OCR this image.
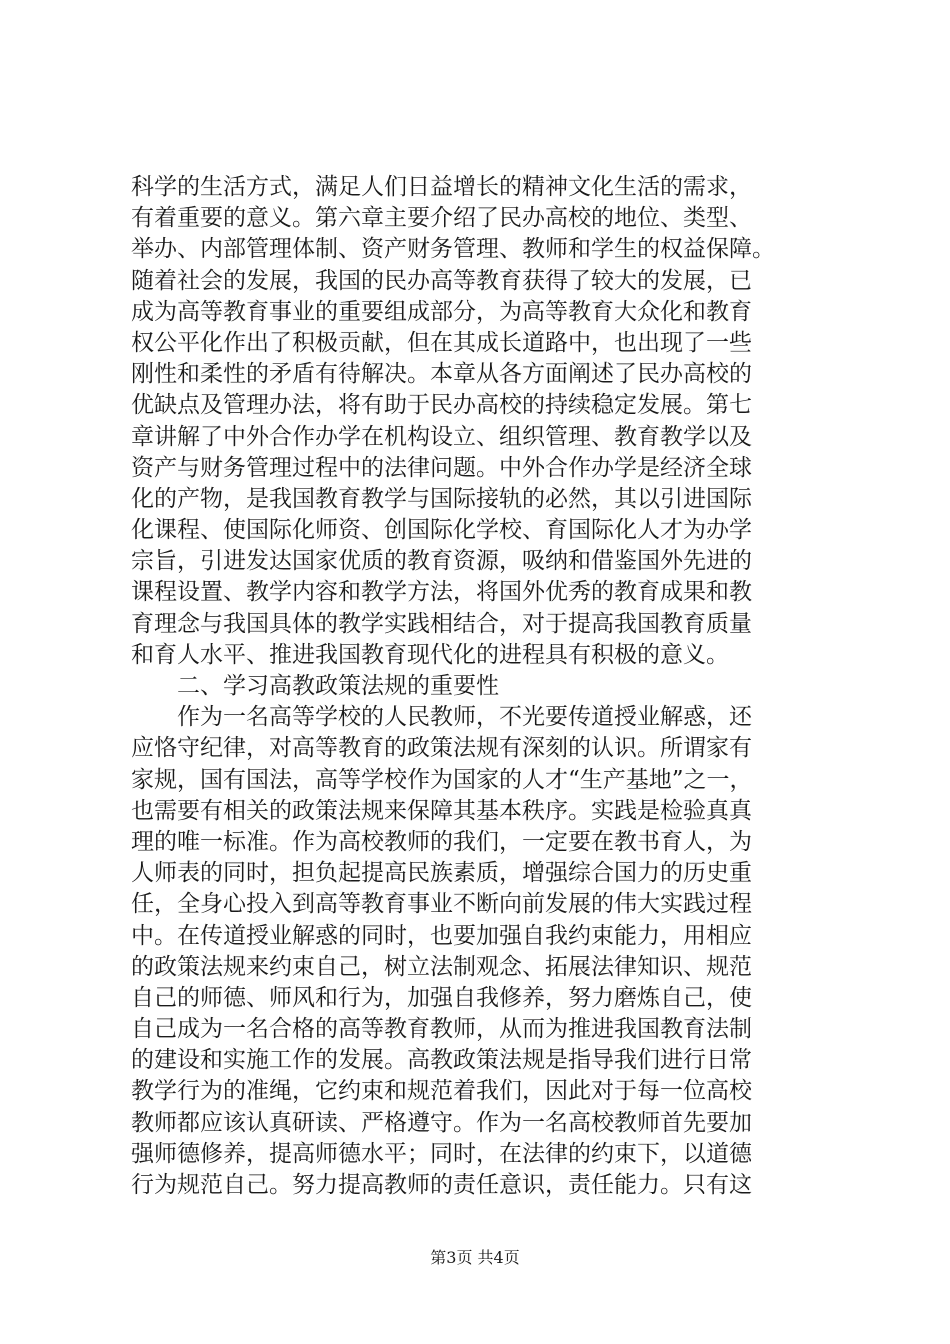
科学的生活方式，满足人们日益增长的精神文化生活的需求，
有着重要的意义。第六章主要介绍了民办高校的地位、类型、
举办、内部管理体制、资产财务管理、教师和学生的权益保障。
随着社会的发展，我国的民办高等教育获得了较大的发展，已
成为高等教育事业的重要组成部分，为高等教育大众化和教育
权公平化作出了积极贡献，但在其成长道路中，也出现了一些
刚性和柔性的矛盾有待解决。本章从各方面阐述了民办高校的
优缺点及管理办法，将有助于民办高校的持续稳定发展。第七
章讲解了中外合作办学在机构设立、组织管理、教育教学以及
资产与财务管理过程中的法律问题。中外合作办学是经济全球
化的产物，是我国教育教学与国际接轨的必然，其以引进国际
化课程、使国际化师资、创国际化学校、育国际化人才为办学
宗旨，引进发达国家优质的教育资源，吸纳和借鉴国外先进的
课程设置、教学内容和教学方法，将国外优秀的教育成果和教
育理念与我国具体的教学实践相结合，对于提高我国教育质量
和育人水平、推进我国教育现代化的进程具有积极的意义。
二、学习高教政策法规的重要性
作为一名高等学校的人民教师，不光要传道授业解惑，还
应恪守纪律，对高等教育的政策法规有深刻的认识。所谓家有
家规，国有国法，高等学校作为国家的人才“生产基地”之一，
也需要有相关的政策法规来保障其基本秩序。实践是检验真真
理的唯一标准。作为高校教师的我们，一定要在教书育人，为
人师表的同时，担负起提高民族素质，增强综合国力的历史重
任，全身心投入到高等教育事业不断向前发展的伟大实践过程
中。在传道授业解惑的同时，也要加强自我约束能力，用相应
的政策法规来约束自己，树立法制观念、拓展法律知识、规范
自己的师德、师风和行为，加强自我修养，努力磨炼自己，使
自己成为一名合格的高等教育教师，从而为推进我国教育法制
的建设和实施工作的发展。高教政策法规是指导我们进行日常
教学行为的准绳，它约束和规范着我们，因此对于每一位高校
教师都应该认真研读、严格遵守。作为一名高校教师首先要加
强师德修养，提高师德水平；同时，在法律的约束下，以道德
行为规范自己。努力提高教师的责任意识，责任能力。只有这
第3页 共4页
